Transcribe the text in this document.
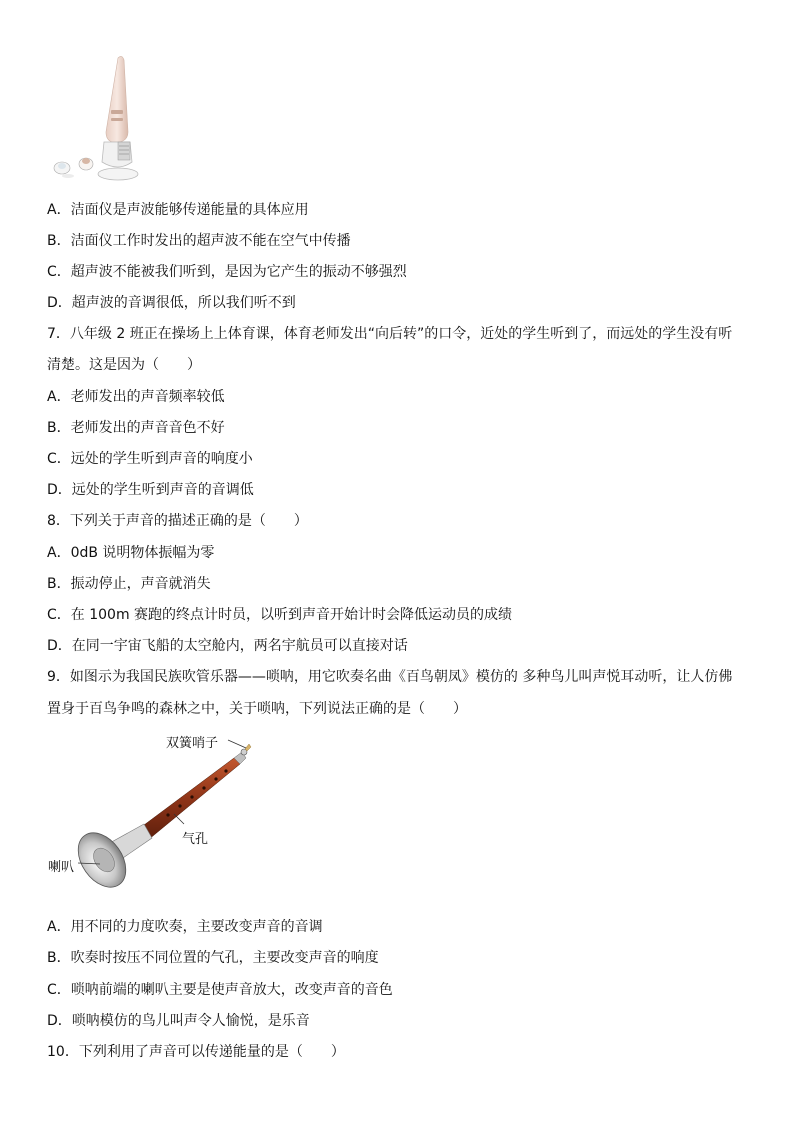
A．洁面仪是声波能够传递能量的具体应用
B．洁面仪工作时发出的超声波不能在空气中传播
C．超声波不能被我们听到，是因为它产生的振动不够强烈
D．超声波的音调很低，所以我们听不到
7．八年级 2 班正在操场上上体育课，体育老师发出“向后转”的口令，近处的学生听到了，而远处的学生没有听
清楚。这是因为（　　）
A．老师发出的声音频率较低
B．老师发出的声音音色不好
C．远处的学生听到声音的响度小
D．远处的学生听到声音的音调低
8．下列关于声音的描述正确的是（　　）
A．0dB 说明物体振幅为零
B．振动停止，声音就消失
C．在 100m 赛跑的终点计时员，以听到声音开始计时会降低运动员的成绩
D．在同一宇宙飞船的太空舱内，两名宇航员可以直接对话
9．如图示为我国民族吹管乐器——唢呐，用它吹奏名曲《百鸟朝凤》模仿的 多种鸟儿叫声悦耳动听，让人仿佛
置身于百鸟争鸣的森林之中，关于唢呐，下列说法正确的是（　　）
双簧哨子
气孔
喇叭
A．用不同的力度吹奏，主要改变声音的音调
B．吹奏时按压不同位置的气孔，主要改变声音的响度
C．唢呐前端的喇叭主要是使声音放大，改变声音的音色
D．唢呐模仿的鸟儿叫声令人愉悦，是乐音
10．下列利用了声音可以传递能量的是（　　）
